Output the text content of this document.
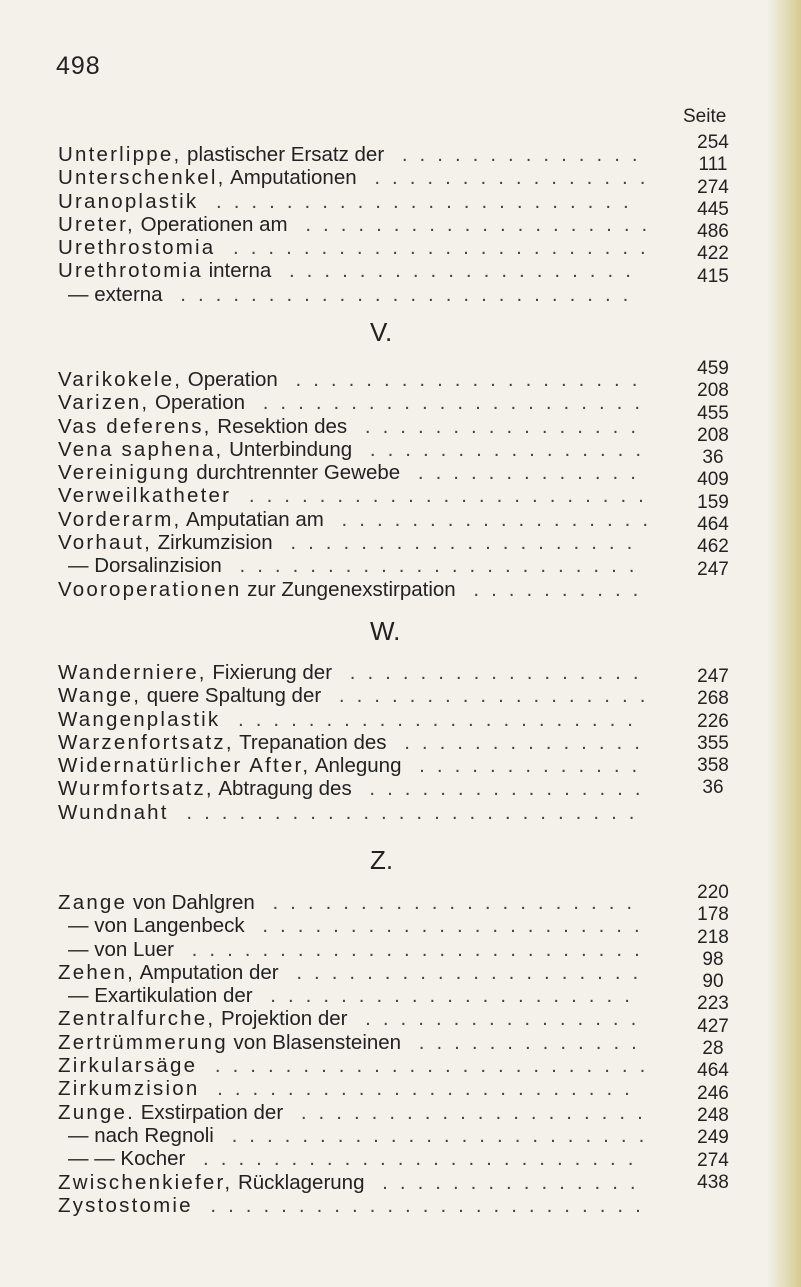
498
Seite
Unterlippe, plastischer Ersatz der ..............
Unterschenkel, Amputationen ................
Uranoplastik ........................
Ureter, Operationen am ....................
Urethrostomia ........................
Urethrotomia interna ....................
— externa ..........................
254
111
274
445
486
422
415
V.
Varikokele, Operation ....................
Varizen, Operation ......................
Vas deferens, Resektion des ................
Vena saphena, Unterbindung ................
Vereinigung durchtrennter Gewebe .............
Verweilkatheter .......................
Vorderarm, Amputatian am ..................
Vorhaut, Zirkumzision ....................
— Dorsalinzision .......................
Vooroperationen zur Zungenexstirpation ..........
459
208
455
208
36
409
159
464
462
247
W.
Wanderniere, Fixierung der .................
Wange, quere Spaltung der ..................
Wangenplastik .......................
Warzenfortsatz, Trepanation des ..............
Widernatürlicher After, Anlegung .............
Wurmfortsatz, Abtragung des ................
Wundnaht ..........................
247
268
226
355
358
36
Z.
Zange von Dahlgren .....................
— von Langenbeck ......................
— von Luer ..........................
Zehen, Amputation der ....................
— Exartikulation der .....................
Zentralfurche, Projektion der ................
Zertrümmerung von Blasensteinen .............
Zirkularsäge .........................
Zirkumzision ........................
Zunge. Exstirpation der ....................
— nach Regnoli ........................
— — Kocher .........................
Zwischenkiefer, Rücklagerung ...............
Zystostomie .........................
220
178
218
98
90
223
427
28
464
246
248
249
274
438
